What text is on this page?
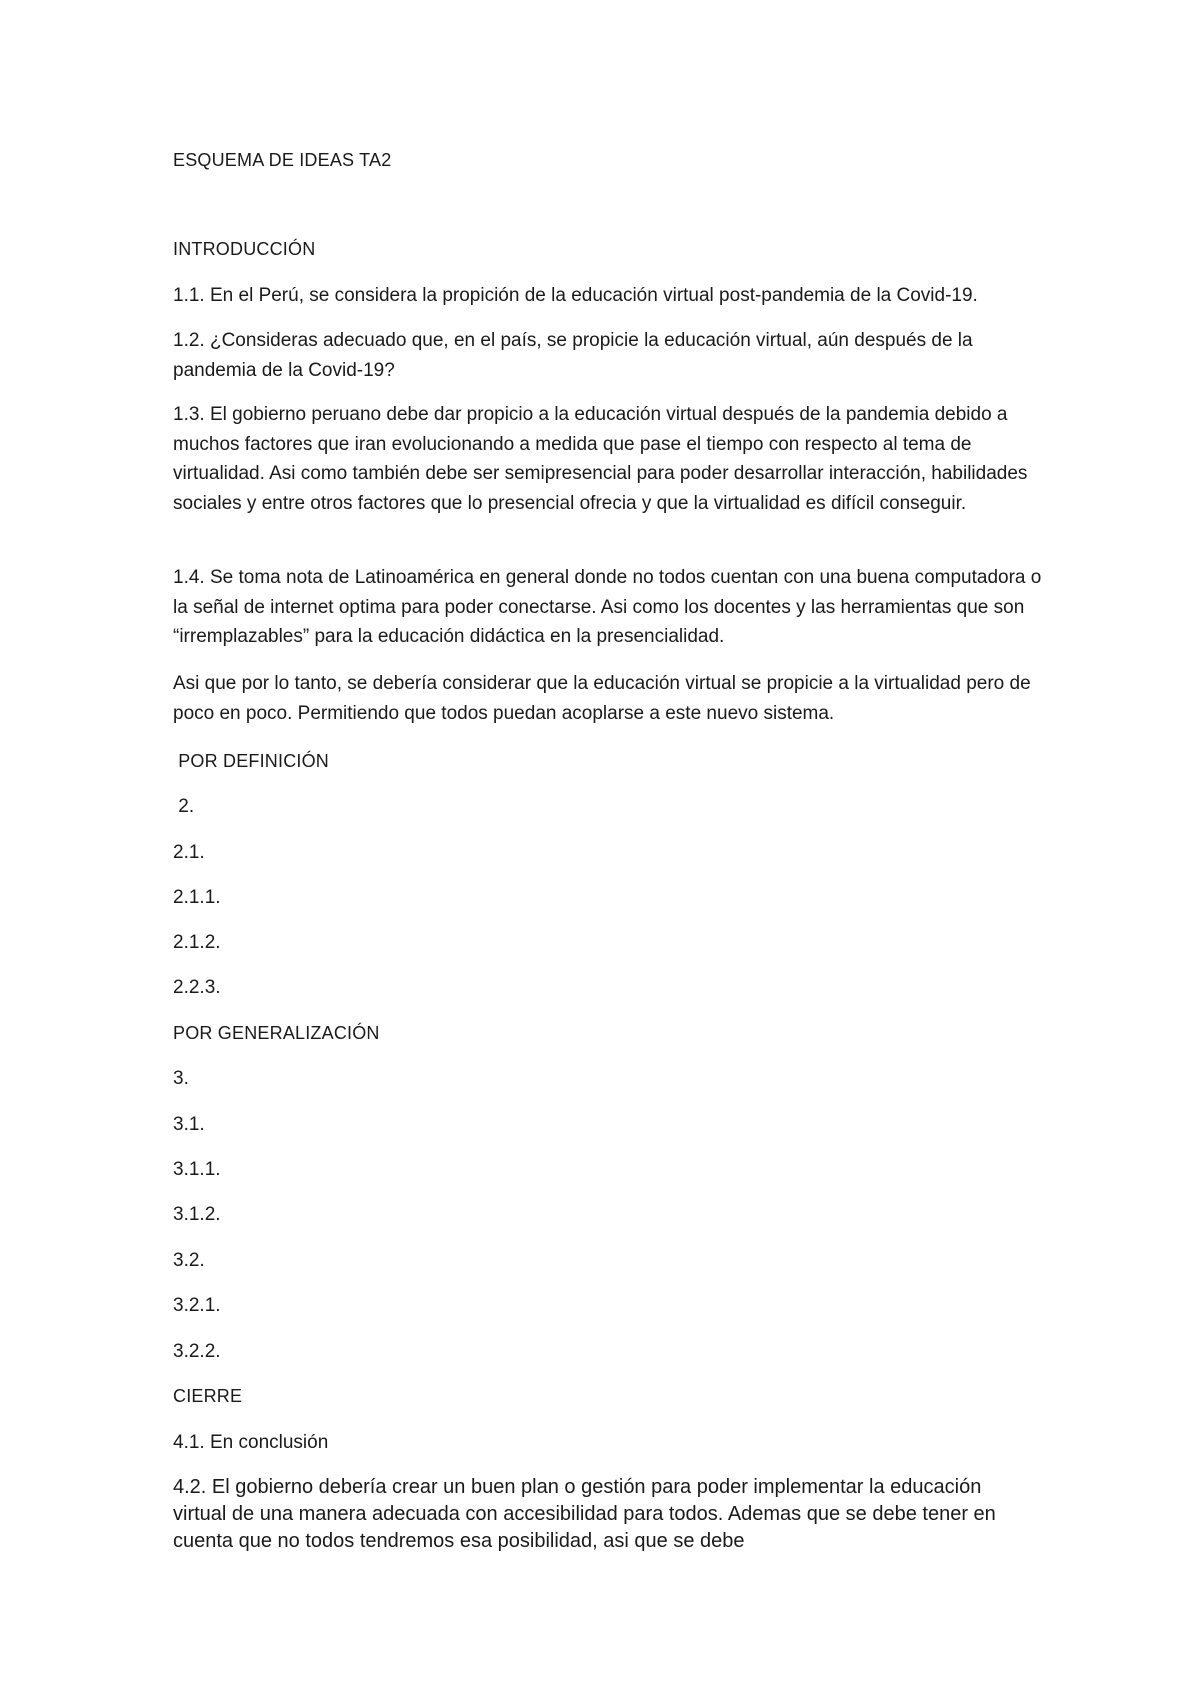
ESQUEMA DE IDEAS TA2

INTRODUCCIÓN

1.1. En el Perú, se considera la propición de la educación virtual post-pandemia de la Covid-19.

1.2. ¿Consideras adecuado que, en el país, se propicie la educación virtual, aún después de la pandemia de la Covid-19?

1.3. El gobierno peruano debe dar propicio a la educación virtual después de la pandemia debido a muchos factores que iran evolucionando a medida que pase el tiempo con respecto al tema de virtualidad. Asi como también debe ser semipresencial para poder desarrollar interacción, habilidades sociales y entre otros factores que lo presencial ofrecia y que la virtualidad es difícil conseguir.

1.4. Se toma nota de Latinoamérica en general donde no todos cuentan con una buena computadora o la señal de internet optima para poder conectarse. Asi como los docentes y las herramientas que son “irremplazables” para la educación didáctica en la presencialidad.

Asi que por lo tanto, se debería considerar que la educación virtual se propicie a la virtualidad pero de poco en poco. Permitiendo que todos puedan acoplarse a este nuevo sistema.

POR DEFINICIÓN

2.

2.1.

2.1.1.

2.1.2.

2.2.3.

POR GENERALIZACIÓN

3.

3.1.

3.1.1.

3.1.2.

3.2.

3.2.1.

3.2.2.

CIERRE

4.1. En conclusión

4.2. El gobierno debería crear un buen plan o gestión para poder implementar la educación virtual de una manera adecuada con accesibilidad para todos. Ademas que se debe tener en cuenta que no todos tendremos esa posibilidad, asi que se debe
